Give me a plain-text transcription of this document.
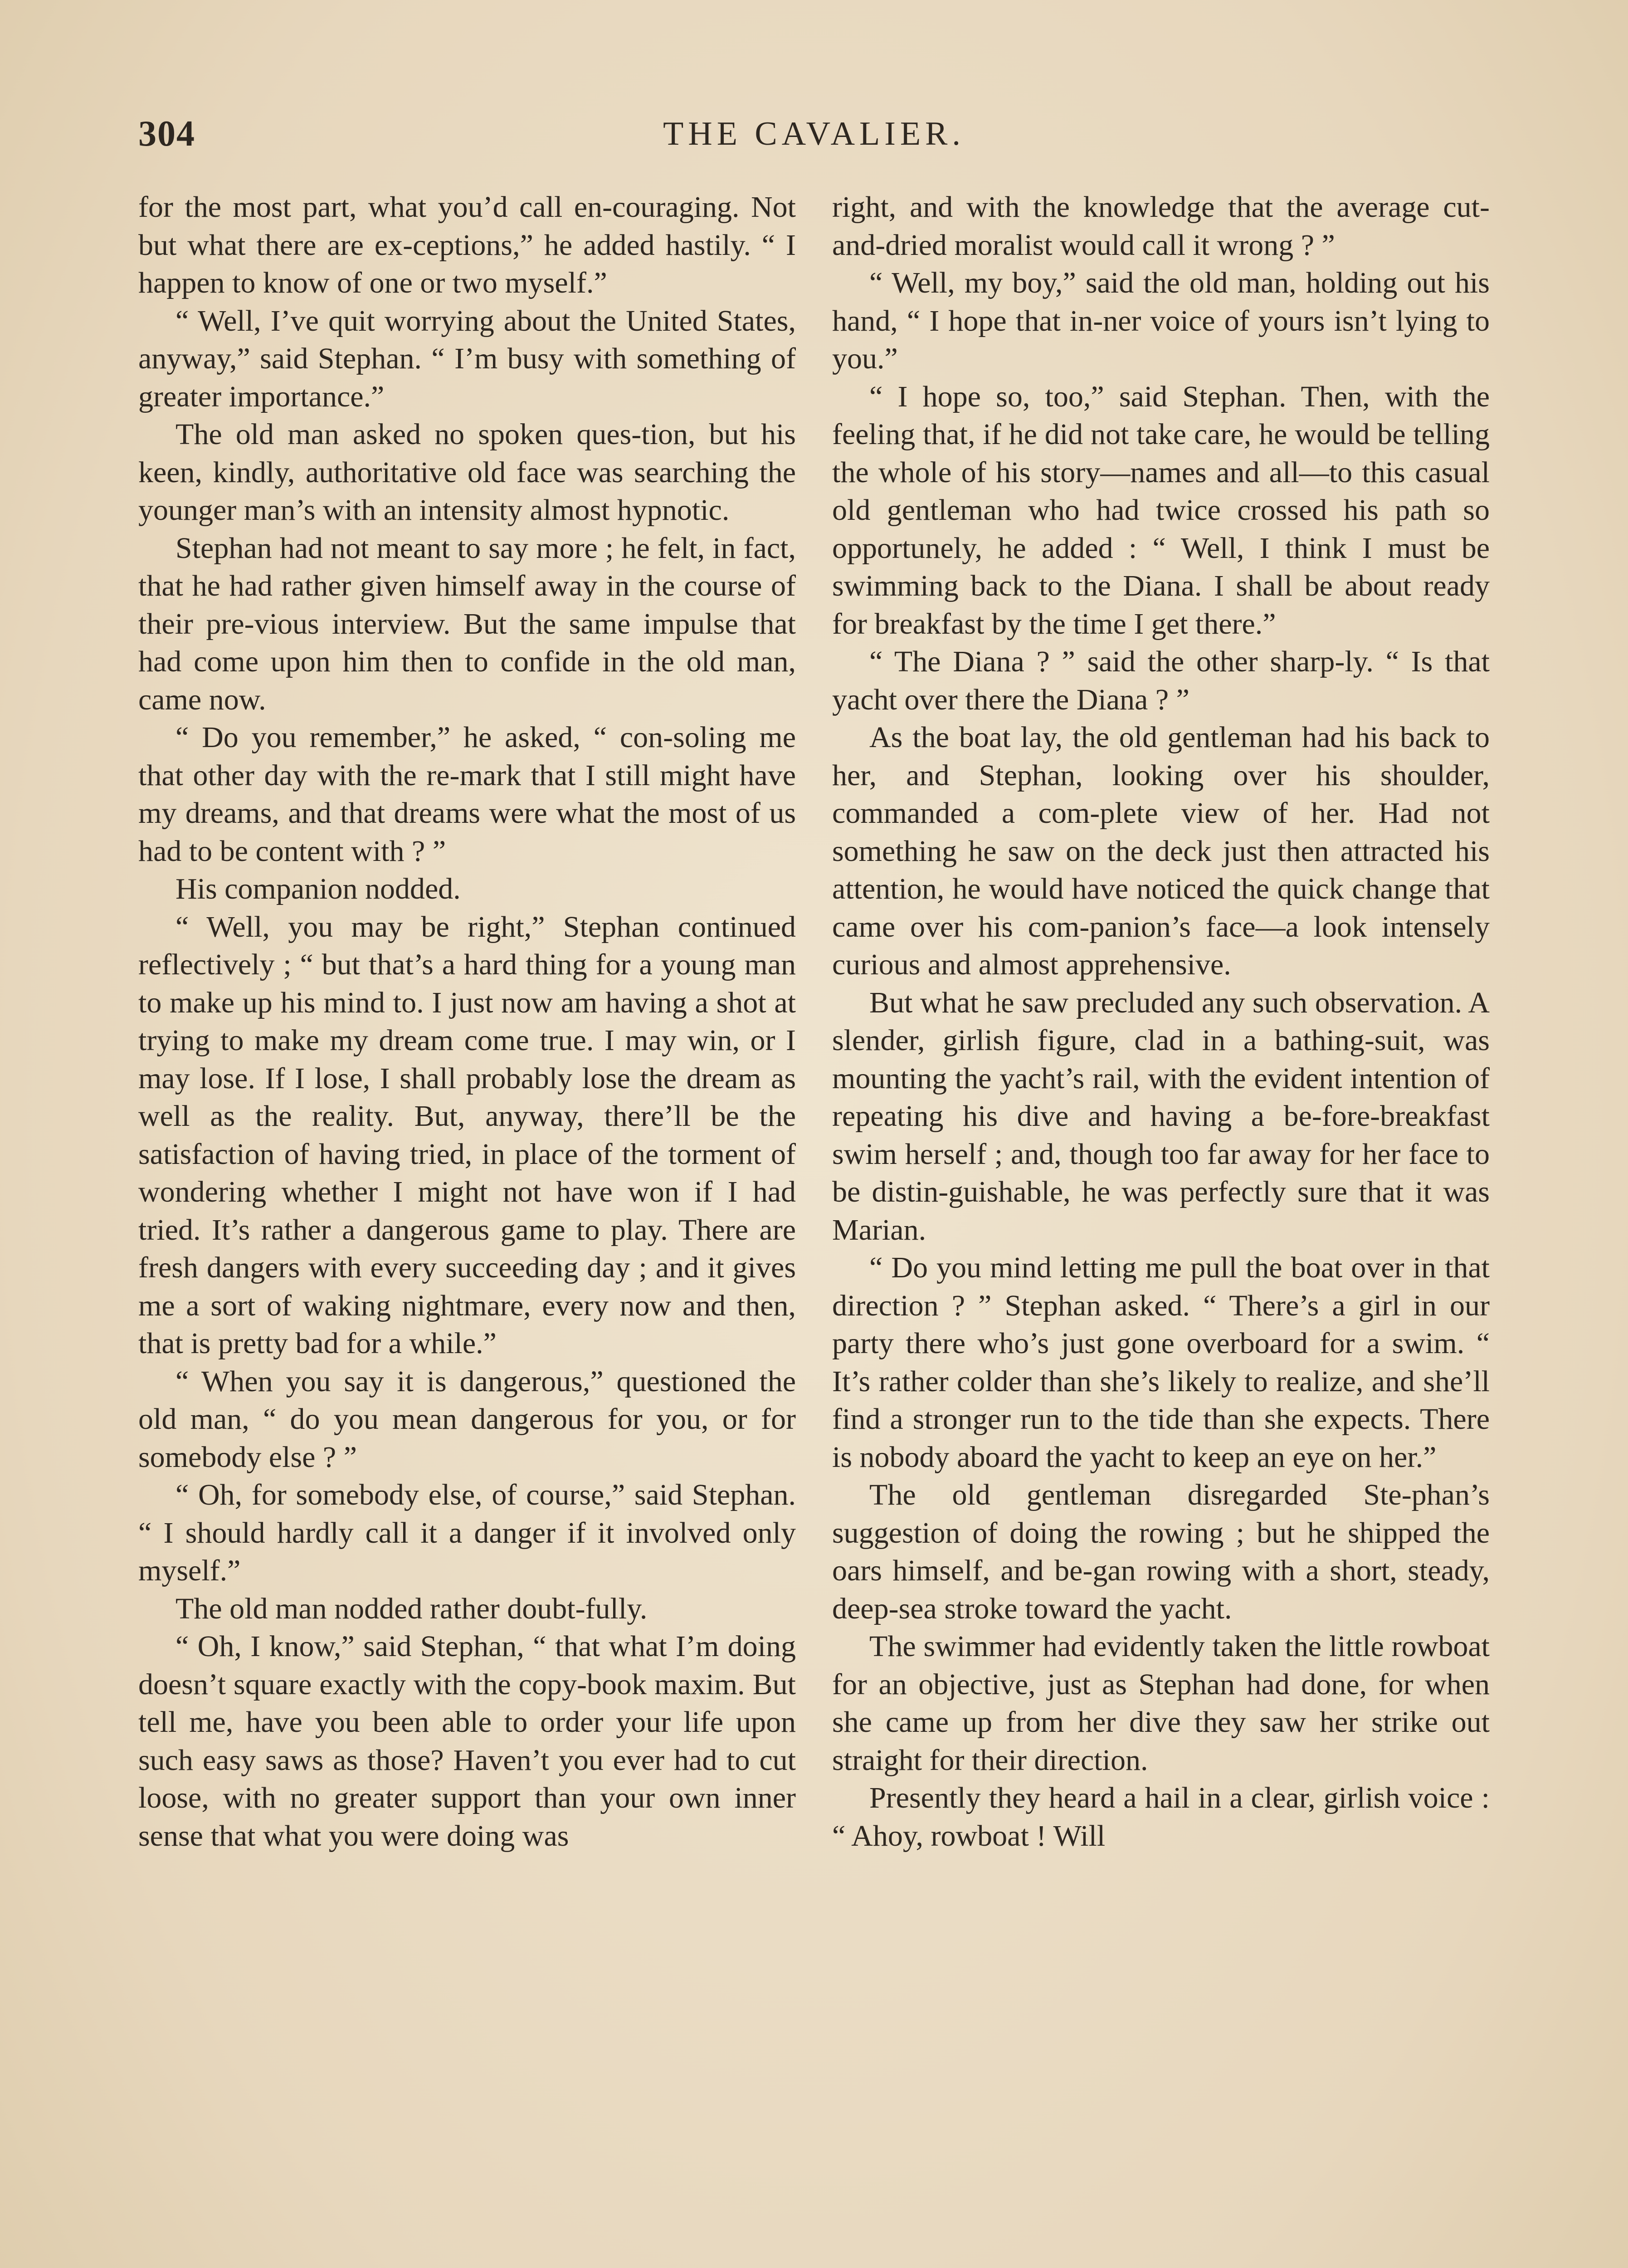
304	THE CAVALIER.

for the most part, what you’d call en-couraging. Not but what there are ex-ceptions,” he added hastily. “ I happen to know of one or two myself.”

“ Well, I’ve quit worrying about the United States, anyway,” said Stephan. “ I’m busy with something of greater importance.”

The old man asked no spoken ques-tion, but his keen, kindly, authoritative old face was searching the younger man’s with an intensity almost hypnotic.

Stephan had not meant to say more ; he felt, in fact, that he had rather given himself away in the course of their pre-vious interview. But the same impulse that had come upon him then to confide in the old man, came now.

“ Do you remember,” he asked, “ con-soling me that other day with the re-mark that I still might have my dreams, and that dreams were what the most of us had to be content with ? ”

His companion nodded.

“ Well, you may be right,” Stephan continued reflectively ; “ but that’s a hard thing for a young man to make up his mind to. I just now am having a shot at trying to make my dream come true. I may win, or I may lose. If I lose, I shall probably lose the dream as well as the reality. But, anyway, there’ll be the satisfaction of having tried, in place of the torment of wondering whether I might not have won if I had tried. It’s rather a dangerous game to play. There are fresh dangers with every succeeding day ; and it gives me a sort of waking nightmare, every now and then, that is pretty bad for a while.”

“ When you say it is dangerous,” questioned the old man, “ do you mean dangerous for you, or for somebody else ? ”

“ Oh, for somebody else, of course,” said Stephan. “ I should hardly call it a danger if it involved only myself.”

The old man nodded rather doubt-fully.

“ Oh, I know,” said Stephan, “ that what I’m doing doesn’t square exactly with the copy-book maxim. But tell me, have you been able to order your life upon such easy saws as those? Haven’t you ever had to cut loose, with no greater support than your own inner sense that what you were doing was

right, and with the knowledge that the average cut-and-dried moralist would call it wrong ? ”

“ Well, my boy,” said the old man, holding out his hand, “ I hope that in-ner voice of yours isn’t lying to you.”

“ I hope so, too,” said Stephan. Then, with the feeling that, if he did not take care, he would be telling the whole of his story—names and all—to this casual old gentleman who had twice crossed his path so opportunely, he added : “ Well, I think I must be swimming back to the Diana. I shall be about ready for breakfast by the time I get there.”

“ The Diana ? ” said the other sharp-ly. “ Is that yacht over there the Diana ? ”

As the boat lay, the old gentleman had his back to her, and Stephan, looking over his shoulder, commanded a com-plete view of her. Had not something he saw on the deck just then attracted his attention, he would have noticed the quick change that came over his com-panion’s face—a look intensely curious and almost apprehensive.

But what he saw precluded any such observation. A slender, girlish figure, clad in a bathing-suit, was mounting the yacht’s rail, with the evident intention of repeating his dive and having a be-fore-breakfast swim herself ; and, though too far away for her face to be distin-guishable, he was perfectly sure that it was Marian.

“ Do you mind letting me pull the boat over in that direction ? ” Stephan asked. “ There’s a girl in our party there who’s just gone overboard for a swim. “ It’s rather colder than she’s likely to realize, and she’ll find a stronger run to the tide than she expects. There is nobody aboard the yacht to keep an eye on her.”

The old gentleman disregarded Ste-phan’s suggestion of doing the rowing ; but he shipped the oars himself, and be-gan rowing with a short, steady, deep-sea stroke toward the yacht.

The swimmer had evidently taken the little rowboat for an objective, just as Stephan had done, for when she came up from her dive they saw her strike out straight for their direction.

Presently they heard a hail in a clear, girlish voice : “ Ahoy, rowboat ! Will
